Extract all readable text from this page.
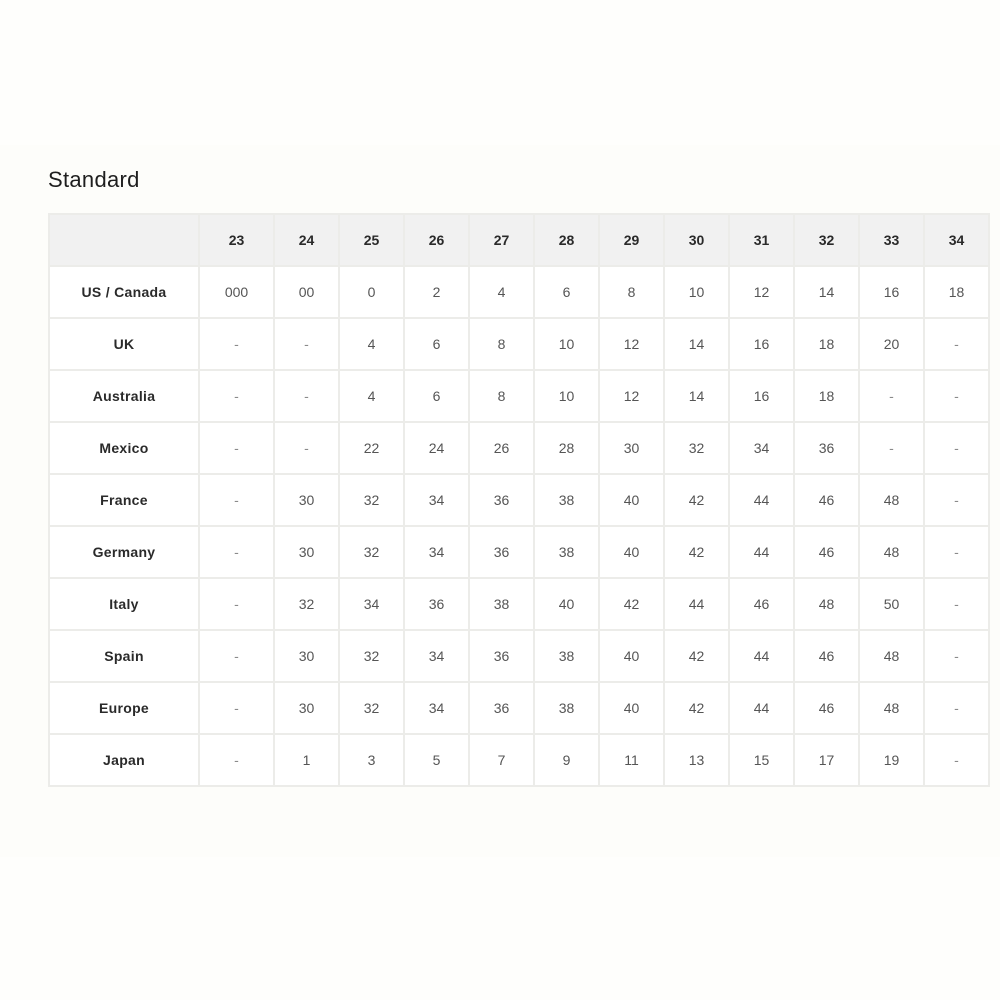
Standard
	23	24	25	26	27	28	29	30	31	32	33	34
US / Canada	000	00	0	2	4	6	8	10	12	14	16	18
UK	-	-	4	6	8	10	12	14	16	18	20	-
Australia	-	-	4	6	8	10	12	14	16	18	-	-
Mexico	-	-	22	24	26	28	30	32	34	36	-	-
France	-	30	32	34	36	38	40	42	44	46	48	-
Germany	-	30	32	34	36	38	40	42	44	46	48	-
Italy	-	32	34	36	38	40	42	44	46	48	50	-
Spain	-	30	32	34	36	38	40	42	44	46	48	-
Europe	-	30	32	34	36	38	40	42	44	46	48	-
Japan	-	1	3	5	7	9	11	13	15	17	19	-
